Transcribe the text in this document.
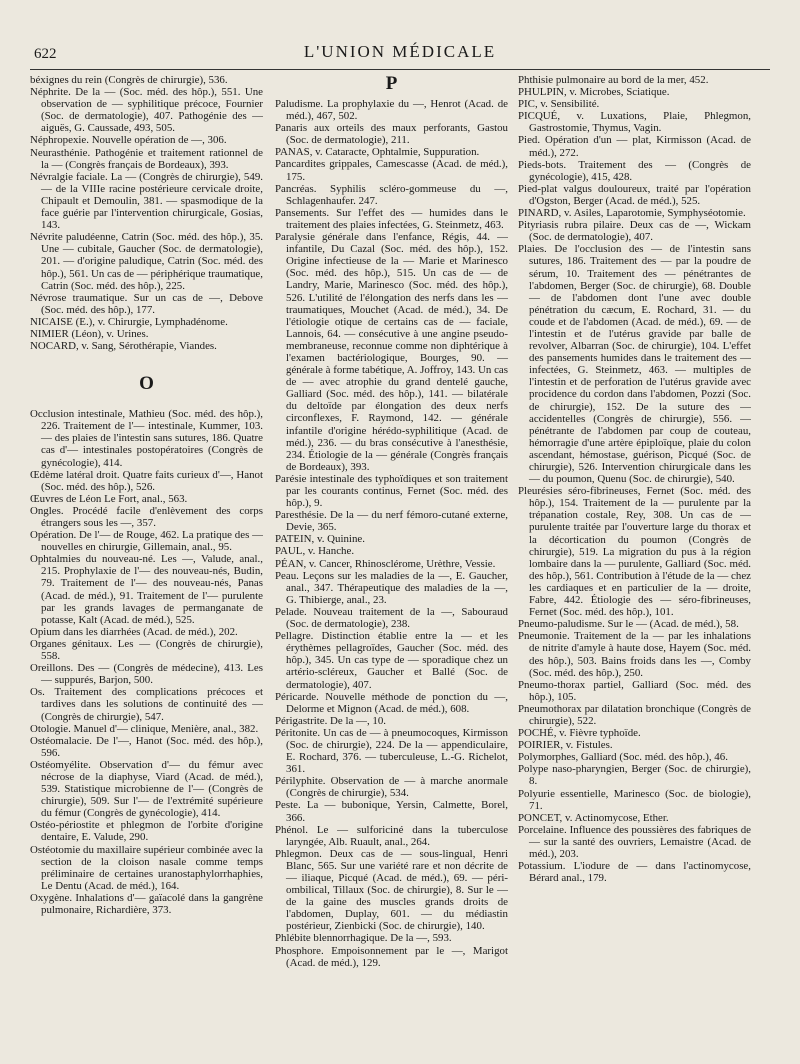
622	L'UNION MÉDICALE

béxignes du rein (Congrès de chirurgie), 536.

Néphrite. De la — (Soc. méd. des hôp.), 551. Une observation de — syphilitique précoce, Fournier (Soc. de dermatologie), 407. Pathogénie des — aiguës, G. Caussade, 493, 505.

Néphropexie. Nouvelle opération de —, 306.

Neurasthénie. Pathogénie et traitement rationnel de la — (Congrès français de Bordeaux), 393.

Névralgie faciale. La — (Congrès de chirurgie), 549. — de la VIIIe racine postérieure cervicale droite, Chipault et Demoulin, 381. — spasmodique de la face guérie par l'intervention chirurgicale, Gosias, 143.

Névrite paludéenne, Catrin (Soc. méd. des hôp.), 35. Une — cubitale, Gaucher (Soc. de dermatologie), 201. — d'origine paludique, Catrin (Soc. méd. des hôp.), 561. Un cas de — périphérique traumatique, Catrin (Soc. méd. des hôp.), 225.

Névrose traumatique. Sur un cas de —, Debove (Soc. méd. des hôp.), 177.

NICAISE (E.), v. Chirurgie, Lymphadénome.

NIMIER (Léon), v. Urines.

NOCARD, v. Sang, Sérothérapie, Viandes.

O

Occlusion intestinale, Mathieu (Soc. méd. des hôp.), 226. Traitement de l'— intestinale, Kummer, 103. — des plaies de l'intestin sans sutures, 186. Quatre cas d'— intestinales postopératoires (Congrès de gynécologie), 414.

Œdème latéral droit. Quatre faits curieux d'—, Hanot (Soc. méd. des hôp.), 526.

Œuvres de Léon Le Fort, anal., 563.

Ongles. Procédé facile d'enlèvement des corps étrangers sous les —, 357.

Opération. De l'— de Rouge, 462. La pratique des — nouvelles en chirurgie, Gillemain, anal., 95.

Ophtalmies du nouveau-né. Les —, Valude, anal., 215. Prophylaxie de l'— des nouveau-nés, Budin, 79. Traitement de l'— des nouveau-nés, Panas (Acad. de méd.), 91. Traitement de l'— purulente par les grands lavages de permanganate de potasse, Kalt (Acad. de méd.), 525.

Opium dans les diarrhées (Acad. de méd.), 202.

Organes génitaux. Les — (Congrès de chirurgie), 558.

Oreillons. Des — (Congrès de médecine), 413. Les — suppurés, Barjon, 500.

Os. Traitement des complications précoces et tardives dans les solutions de continuité des — (Congrès de chirurgie), 547.

Otologie. Manuel d'— clinique, Menière, anal., 382.

Ostéomalacie. De l'—, Hanot (Soc. méd. des hôp.), 596.

Ostéomyélite. Observation d'— du fémur avec nécrose de la diaphyse, Viard (Acad. de méd.), 539. Statistique microbienne de l'— (Congrès de chirurgie), 509. Sur l'— de l'extrémité supérieure du fémur (Congrès de gynécologie), 414.

Ostéo-périostite et phlegmon de l'orbite d'origine dentaire, E. Valude, 290.

Ostéotomie du maxillaire supérieur combinée avec la section de la cloison nasale comme temps préliminaire de certaines uranostaphylorrhaphies, Le Dentu (Acad. de méd.), 164.

Oxygène. Inhalations d'— gaïacolé dans la gangrène pulmonaire, Richardière, 373.

P

Paludisme. La prophylaxie du —, Henrot (Acad. de méd.), 467, 502.

Panaris aux orteils des maux perforants, Gastou (Soc. de dermatologie), 211.

PANAS, v. Cataracte, Ophtalmie, Suppuration.

Pancardites grippales, Camescasse (Acad. de méd.), 175.

Pancréas. Syphilis scléro-gommeuse du —, Schlagenhaufer. 247.

Pansements. Sur l'effet des — humides dans le traitement des plaies infectées, G. Steinmetz, 463.

Paralysie générale dans l'enfance, Régis, 44. — infantile, Du Cazal (Soc. méd. des hôp.), 152. Origine infectieuse de la — Marie et Marinesco (Soc. méd. des hôp.), 515. Un cas de — de Landry, Marie, Marinesco (Soc. méd. des hôp.), 526. L'utilité de l'élongation des nerfs dans les — traumatiques, Mouchet (Acad. de méd.), 34. De l'étiologie otique de certains cas de — faciale, Lannois, 64. — consécutive à une angine pseudo-membraneuse, reconnue comme non diphtérique à l'examen bactériologique, Bourges, 90. — générale à forme tabétique, A. Joffroy, 143. Un cas de — avec atrophie du grand dentelé gauche, Galliard (Soc. méd. des hôp.), 141. — bilatérale du deltoïde par élongation des deux nerfs circonflexes, F. Raymond, 142. — générale infantile d'origine hérédo-syphilitique (Acad. de méd.), 236. — du bras consécutive à l'anesthésie, 234. Étiologie de la — générale (Congrès français de Bordeaux), 393.

Parésie intestinale des typhoïdiques et son traitement par les courants continus, Fernet (Soc. méd. des hôp.), 9.

Paresthésie. De la — du nerf fémoro-cutané externe, Devie, 365.

PATEIN, v. Quinine.

PAUL, v. Hanche.

PÉAN, v. Cancer, Rhinosclérome, Urèthre, Vessie.

Peau. Leçons sur les maladies de la —, E. Gaucher, anal., 347. Thérapeutique des maladies de la —, G. Thibierge, anal., 23.

Pelade. Nouveau traitement de la —, Sabouraud (Soc. de dermatologie), 238.

Pellagre. Distinction établie entre la — et les érythèmes pellagroïdes, Gaucher (Soc. méd. des hôp.), 345. Un cas type de — sporadique chez un artério-scléreux, Gaucher et Ballé (Soc. de dermatologie), 407.

Péricarde. Nouvelle méthode de ponction du —, Delorme et Mignon (Acad. de méd.), 608.

Périgastrite. De la —, 10.

Péritonite. Un cas de — à pneumocoques, Kirmisson (Soc. de chirurgie), 224. De la — appendiculaire, E. Rochard, 376. — tuberculeuse, L.-G. Richelot, 361.

Périlyphite. Observation de — à marche anormale (Congrès de chirurgie), 534.

Peste. La — bubonique, Yersin, Calmette, Borel, 366.

Phénol. Le — sulforiciné dans la tuberculose laryngée, Alb. Ruault, anal., 264.

Phlegmon. Deux cas de — sous-lingual, Henri Blanc, 565. Sur une variété rare et non décrite de — iliaque, Picqué (Acad. de méd.), 69. — péri-ombilical, Tillaux (Soc. de chirurgie), 8. Sur le — de la gaine des muscles grands droits de l'abdomen, Duplay, 601. — du médiastin postérieur, Zienbicki (Soc. de chirurgie), 140.

Phlébite blennorrhagique. De la —, 593.

Phosphore. Empoisonnement par le —, Marigot (Acad. de méd.), 129.

Phthisie pulmonaire au bord de la mer, 452.

PHULPIN, v. Microbes, Sciatique.

PIC, v. Sensibilité.

PICQUÉ, v. Luxations, Plaie, Phlegmon, Gastrostomie, Thymus, Vagin.

Pied. Opération d'un — plat, Kirmisson (Acad. de méd.), 272.

Pieds-bots. Traitement des — (Congrès de gynécologie), 415, 428.

Pied-plat valgus douloureux, traité par l'opération d'Ogston, Berger (Acad. de méd.), 525.

PINARD, v. Asiles, Laparotomie, Symphyséotomie.

Pityriasis rubra pilaire. Deux cas de —, Wickam (Soc. de dermatologie), 407.

Plaies. De l'occlusion des — de l'intestin sans sutures, 186. Traitement des — par la poudre de sérum, 10. Traitement des — pénétrantes de l'abdomen, Berger (Soc. de chirurgie), 68. Double — de l'abdomen dont l'une avec double pénétration du cæcum, E. Rochard, 31. — du coude et de l'abdomen (Acad. de méd.), 69. — de l'intestin et de l'utérus gravide par balle de revolver, Albarran (Soc. de chirurgie), 104. L'effet des pansements humides dans le traitement des — infectées, G. Steinmetz, 463. — multiples de l'intestin et de perforation de l'utérus gravide avec procidence du cordon dans l'abdomen, Pozzi (Soc. de chirurgie), 152. De la suture des — accidentelles (Congrès de chirurgie), 556. — pénétrante de l'abdomen par coup de couteau, hémorragie d'une artère épiploïque, plaie du colon ascendant, hémostase, guérison, Picqué (Soc. de chirurgie), 526. Intervention chirurgicale dans les — du poumon, Quenu (Soc. de chirurgie), 540.

Pleurésies séro-fibrineuses, Fernet (Soc. méd. des hôp.), 154. Traitement de la — purulente par la trépanation costale, Rey, 308. Un cas de — purulente traitée par l'ouverture large du thorax et la décortication du poumon (Congrès de chirurgie), 519. La migration du pus à la région lombaire dans la — purulente, Galliard (Soc. méd. des hôp.), 561. Contribution à l'étude de la — chez les cardiaques et en particulier de la — droite, Fabre, 442. Étiologie des — séro-fibrineuses, Fernet (Soc. méd. des hôp.), 101.

Pneumo-paludisme. Sur le — (Acad. de méd.), 58.

Pneumonie. Traitement de la — par les inhalations de nitrite d'amyle à haute dose, Hayem (Soc. méd. des hôp.), 503. Bains froids dans les —, Comby (Soc. méd. des hôp.), 250.

Pneumo-thorax partiel, Galliard (Soc. méd. des hôp.), 105.

Pneumothorax par dilatation bronchique (Congrès de chirurgie), 522.

POCHÉ, v. Fièvre typhoïde.

POIRIER, v. Fistules.

Polymorphes, Galliard (Soc. méd. des hôp.), 46.

Polype naso-pharyngien, Berger (Soc. de chirurgie), 8.

Polyurie essentielle, Marinesco (Soc. de biologie), 71.

PONCET, v. Actinomycose, Ether.

Porcelaine. Influence des poussières des fabriques de — sur la santé des ouvriers, Lemaistre (Acad. de méd.), 203.

Potassium. L'iodure de — dans l'actinomycose, Bérard anal., 179.
